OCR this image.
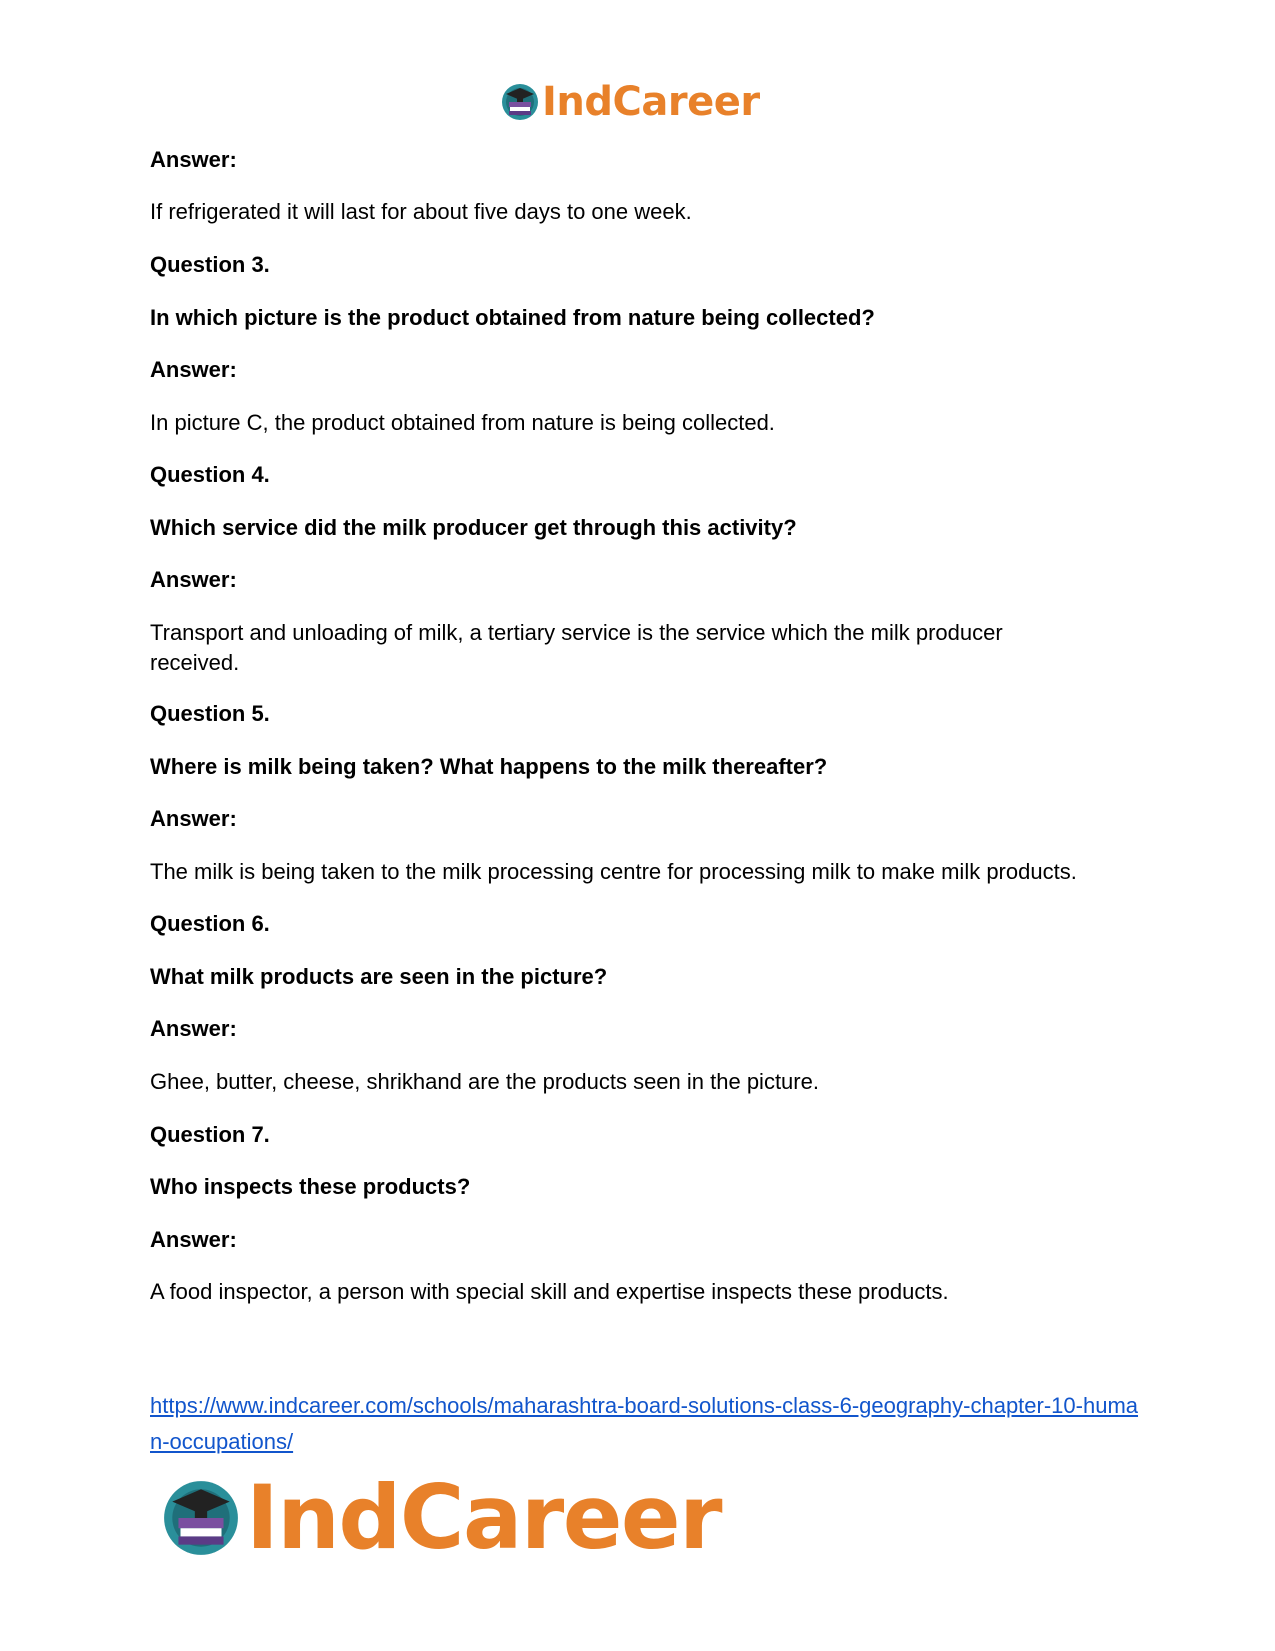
IndCareer

Answer:

If refrigerated it will last for about five days to one week.

Question 3.

In which picture is the product obtained from nature being collected?

Answer:

In picture C, the product obtained from nature is being collected.

Question 4.

Which service did the milk producer get through this activity?

Answer:

Transport and unloading of milk, a tertiary service is the service which the milk producer received.

Question 5.

Where is milk being taken? What happens to the milk thereafter?

Answer:

The milk is being taken to the milk processing centre for processing milk to make milk products.

Question 6.

What milk products are seen in the picture?

Answer:

Ghee, butter, cheese, shrikhand are the products seen in the picture.

Question 7.

Who inspects these products?

Answer:

A food inspector, a person with special skill and expertise inspects these products.

https://www.indcareer.com/schools/maharashtra-board-solutions-class-6-geography-chapter-10-human-occupations/
IndCareer
